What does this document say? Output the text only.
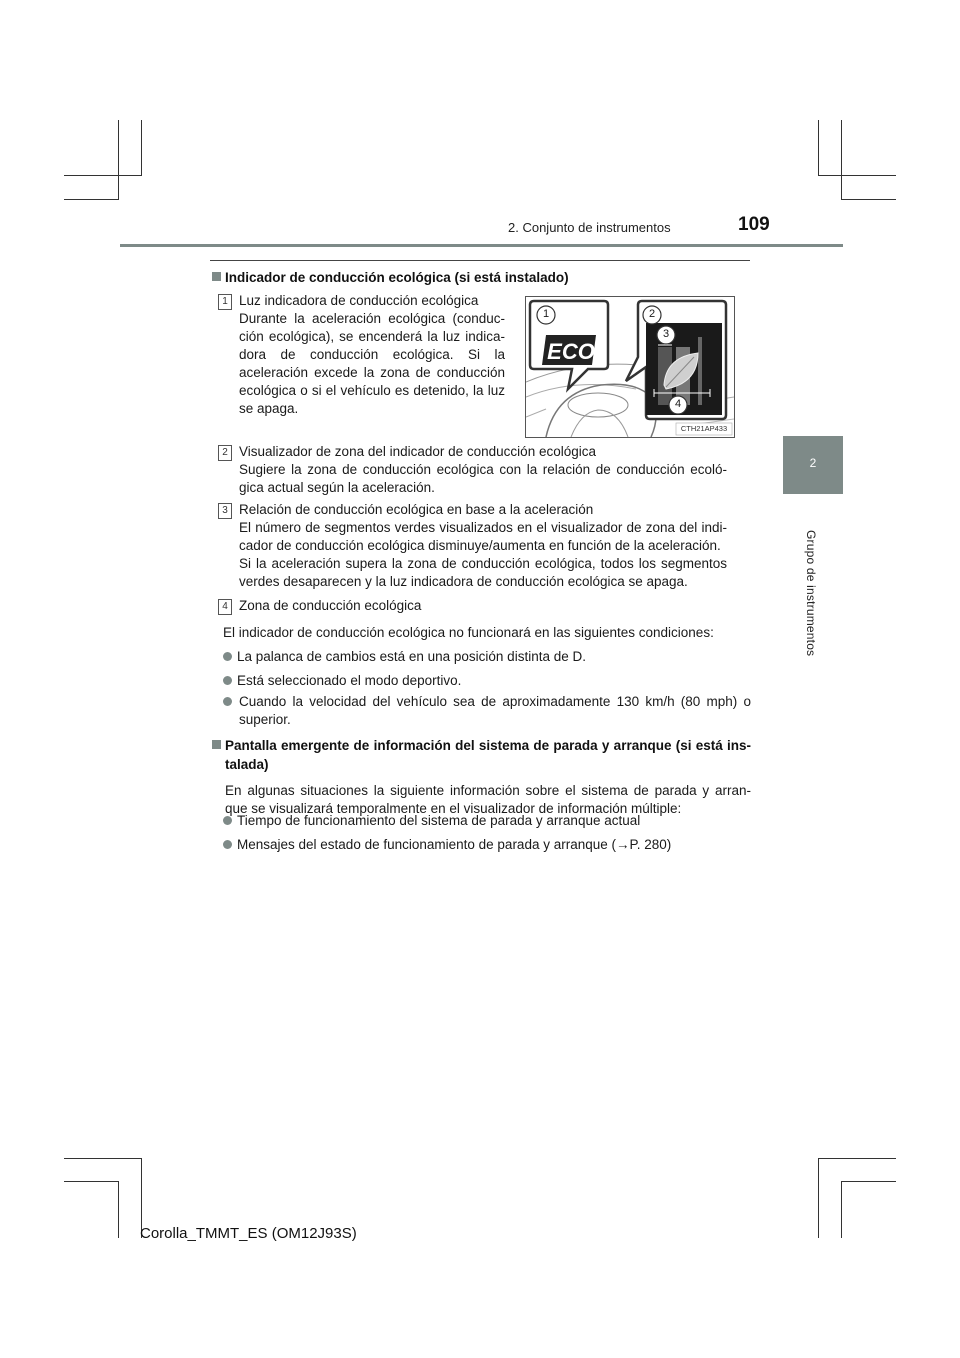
2. Conjunto de instrumentos	109
2
Grupo de instrumentos
Indicador de conducción ecológica (si está instalado)
1 Luz indicadora de conducción ecológica
Durante la aceleración ecológica (conduc-
ción ecológica), se encenderá la luz indica-
dora de conducción ecológica. Si la
aceleración excede la zona de conducción
ecológica o si el vehículo es detenido, la luz
se apaga.
ECO
1	2
3
4
CTH21AP433
2 Visualizador de zona del indicador de conducción ecológica
Sugiere la zona de conducción ecológica con la relación de conducción ecoló-
gica actual según la aceleración.
3 Relación de conducción ecológica en base a la aceleración
El número de segmentos verdes visualizados en el visualizador de zona del indi-
cador de conducción ecológica disminuye/aumenta en función de la aceleración.
Si la aceleración supera la zona de conducción ecológica, todos los segmentos
verdes desaparecen y la luz indicadora de conducción ecológica se apaga.
4 Zona de conducción ecológica
El indicador de conducción ecológica no funcionará en las siguientes condiciones:
La palanca de cambios está en una posición distinta de D.
Está seleccionado el modo deportivo.
Cuando la velocidad del vehículo sea de aproximadamente 130 km/h (80 mph) o
superior.
Pantalla emergente de información del sistema de parada y arranque (si está ins-
talada)
En algunas situaciones la siguiente información sobre el sistema de parada y arran-
que se visualizará temporalmente en el visualizador de información múltiple:
Tiempo de funcionamiento del sistema de parada y arranque actual
Mensajes del estado de funcionamiento de parada y arranque (→P. 280)
Corolla_TMMT_ES (OM12J93S)
